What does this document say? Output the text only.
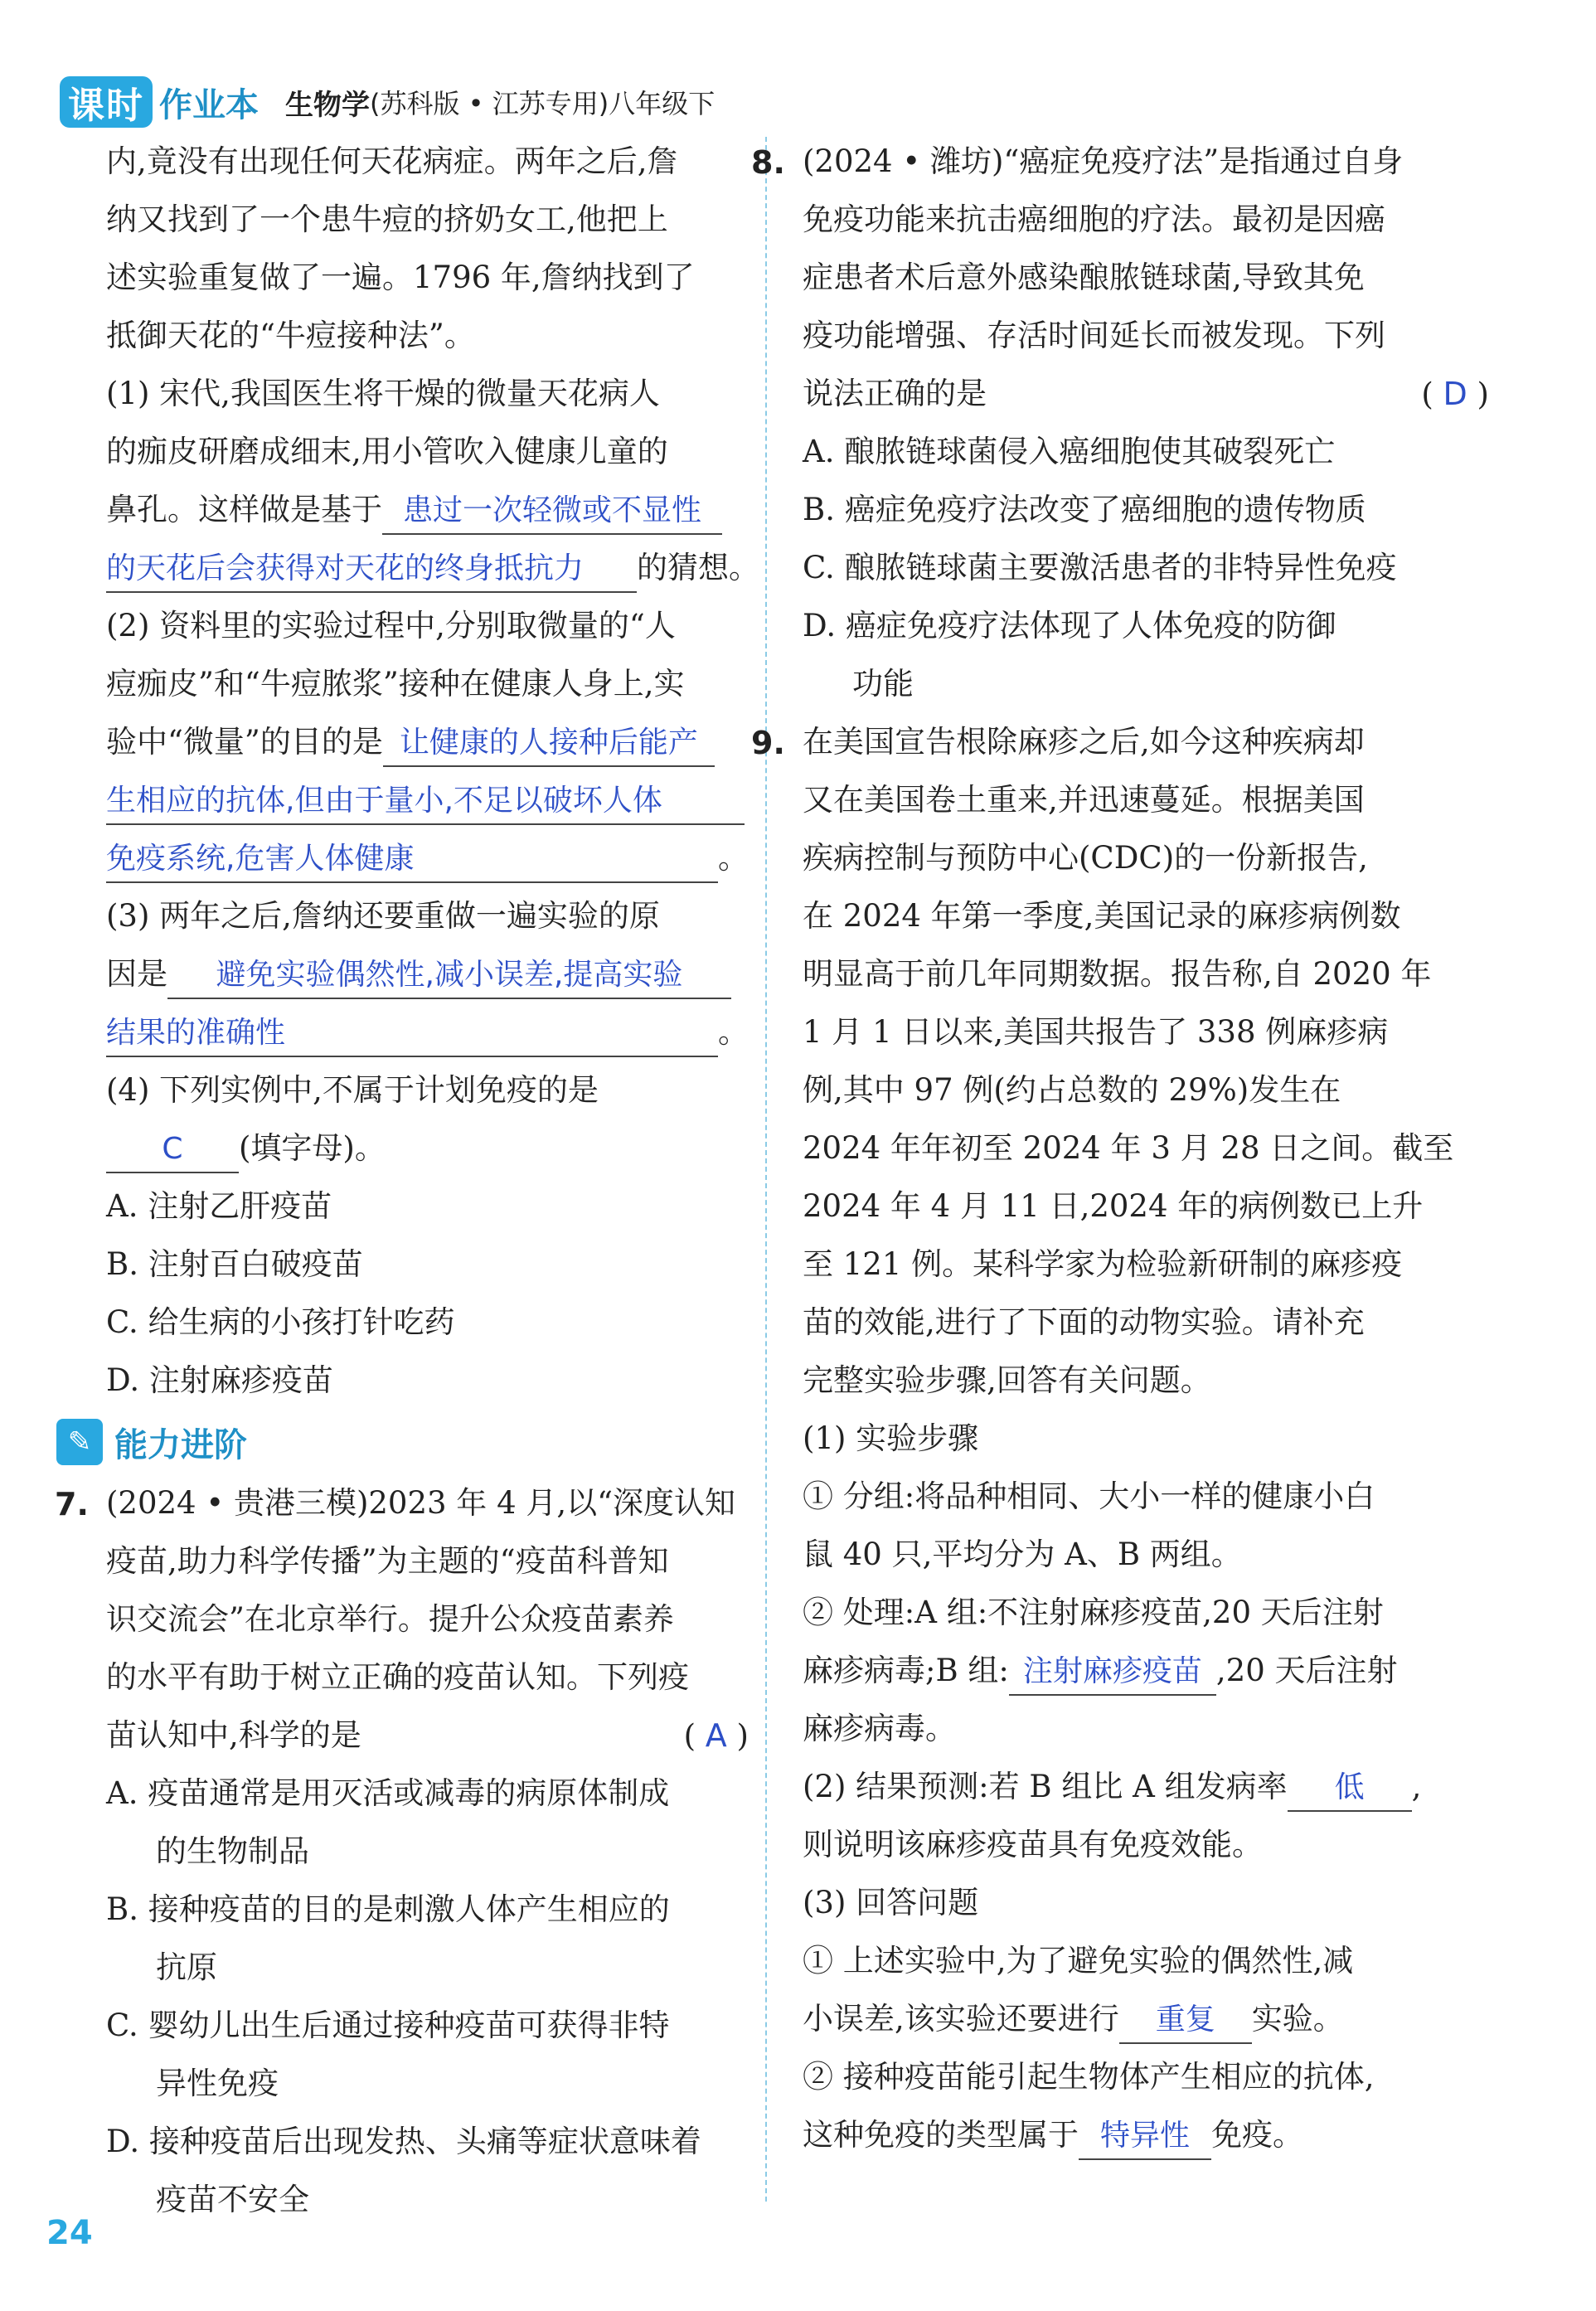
课时 作业本 生物学 (苏科版 • 江苏专用)八年级下
内,竟没有出现任何天花病症。两年之后,詹
纳又找到了一个患牛痘的挤奶女工,他把上
述实验重复做了一遍。1796 年,詹纳找到了
抵御天花的“牛痘接种法”。
(1) 宋代,我国医生将干燥的微量天花病人
的痂皮研磨成细末,用小管吹入健康儿童的
鼻孔。这样做是基于 患过一次轻微或不显性
的天花后会获得对天花的终身抵抗力 的猜想。
(2) 资料里的实验过程中,分别取微量的“人
痘痂皮”和“牛痘脓浆”接种在健康人身上,实
验中“微量”的目的是 让健康的人接种后能产
生相应的抗体,但由于量小,不足以破坏人体
免疫系统,危害人体健康	。
(3) 两年之后,詹纳还要重做一遍实验的原
因是 避免实验偶然性,减小误差,提高实验
结果的准确性	。
(4) 下列实例中,不属于计划免疫的是
C (填字母)。
A. 注射乙肝疫苗
B. 注射百白破疫苗
C. 给生病的小孩打针吃药
D. 注射麻疹疫苗
✎ 能力进阶
7. (2024 • 贵港三模)2023 年 4 月,以“深度认知
疫苗,助力科学传播”为主题的“疫苗科普知
识交流会”在北京举行。提升公众疫苗素养
的水平有助于树立正确的疫苗认知。下列疫
苗认知中,科学的是	( A )
A. 疫苗通常是用灭活或减毒的病原体制成
的生物制品
B. 接种疫苗的目的是刺激人体产生相应的
抗原
C. 婴幼儿出生后通过接种疫苗可获得非特
异性免疫
D. 接种疫苗后出现发热、头痛等症状意味着
疫苗不安全
8. (2024 • 潍坊)“癌症免疫疗法”是指通过自身
免疫功能来抗击癌细胞的疗法。最初是因癌
症患者术后意外感染酿脓链球菌,导致其免
疫功能增强、存活时间延长而被发现。下列
说法正确的是	( D )
A. 酿脓链球菌侵入癌细胞使其破裂死亡
B. 癌症免疫疗法改变了癌细胞的遗传物质
C. 酿脓链球菌主要激活患者的非特异性免疫
D. 癌症免疫疗法体现了人体免疫的防御
功能
9. 在美国宣告根除麻疹之后,如今这种疾病却
又在美国卷土重来,并迅速蔓延。根据美国
疾病控制与预防中心(CDC)的一份新报告,
在 2024 年第一季度,美国记录的麻疹病例数
明显高于前几年同期数据。报告称,自 2020 年
1 月 1 日以来,美国共报告了 338 例麻疹病
例,其中 97 例(约占总数的 29%)发生在
2024 年年初至 2024 年 3 月 28 日之间。截至
2024 年 4 月 11 日,2024 年的病例数已上升
至 121 例。某科学家为检验新研制的麻疹疫
苗的效能,进行了下面的动物实验。请补充
完整实验步骤,回答有关问题。
(1) 实验步骤
① 分组:将品种相同、大小一样的健康小白
鼠 40 只,平均分为 A、B 两组。
② 处理:A 组:不注射麻疹疫苗,20 天后注射
麻疹病毒;B 组: 注射麻疹疫苗 ,20 天后注射
麻疹病毒。
(2) 结果预测:若 B 组比 A 组发病率 低 ,
则说明该麻疹疫苗具有免疫效能。
(3) 回答问题
① 上述实验中,为了避免实验的偶然性,减
小误差,该实验还要进行 重复 实验。
② 接种疫苗能引起生物体产生相应的抗体,
这种免疫的类型属于 特异性 免疫。
24
